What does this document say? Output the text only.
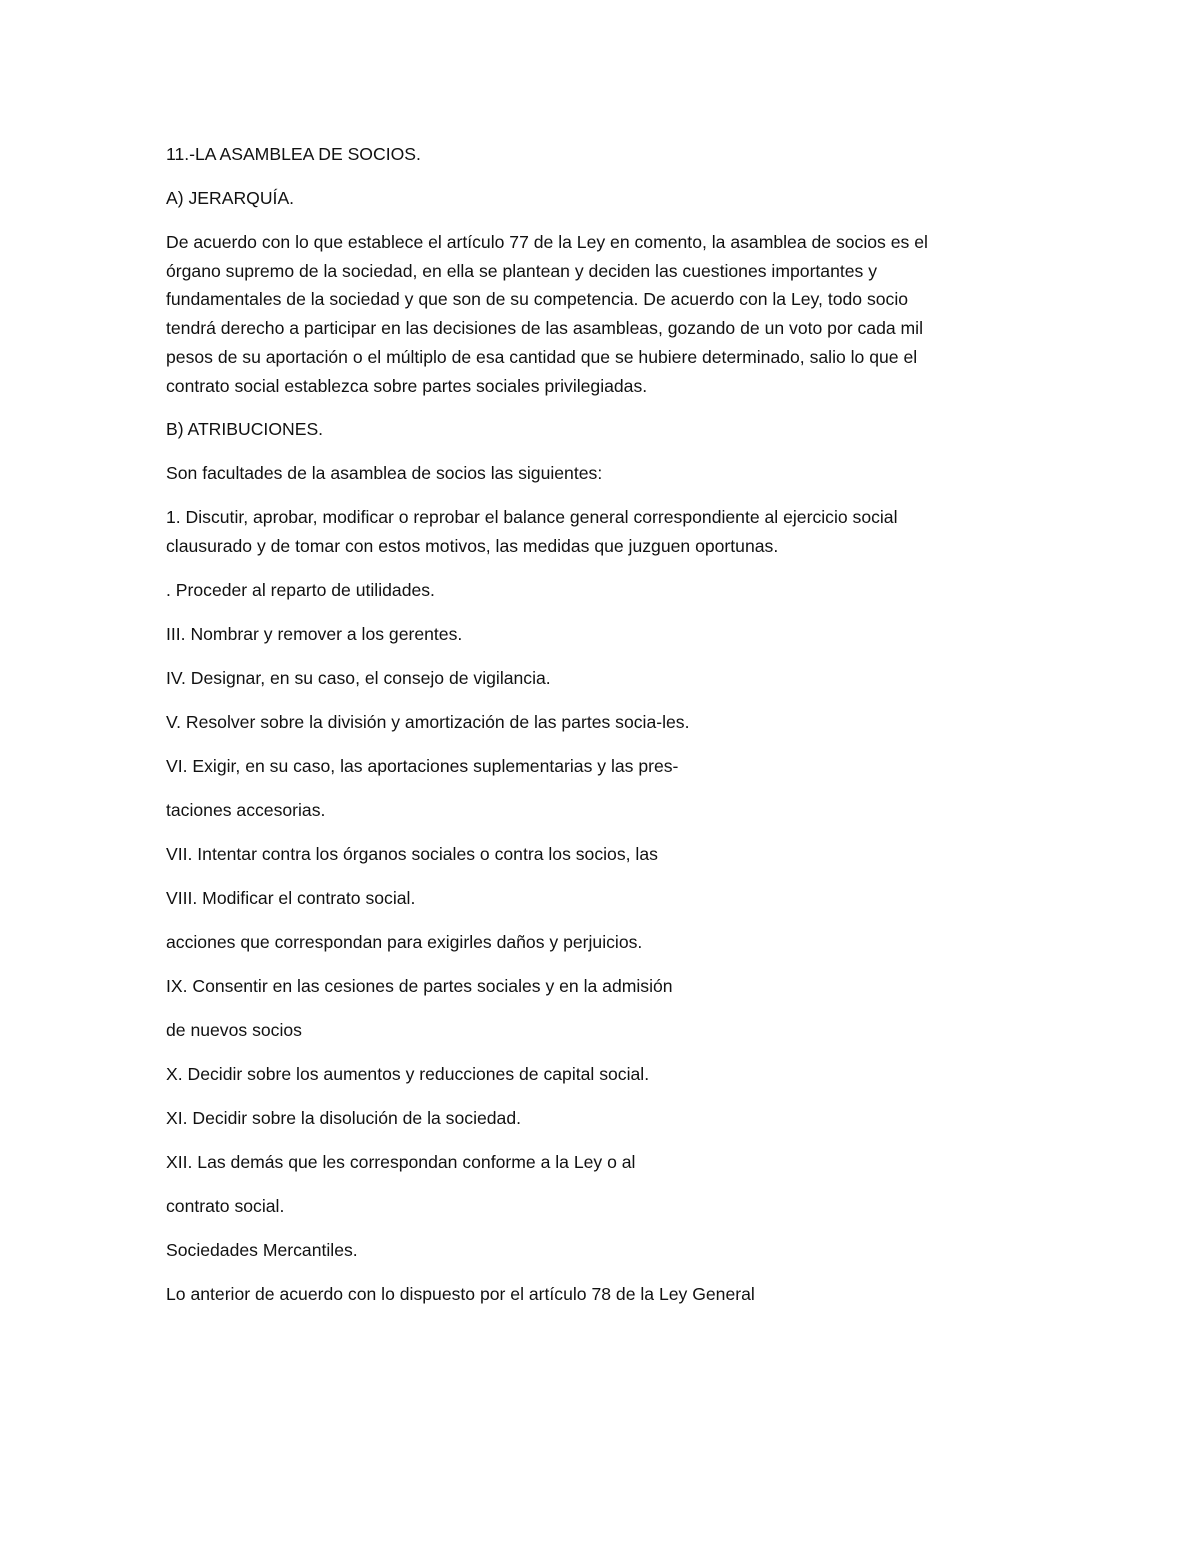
11.-LA ASAMBLEA DE SOCIOS.

A) JERARQUÍA.

De acuerdo con lo que establece el artículo 77 de la Ley en comento, la asamblea de socios es el
órgano supremo de la sociedad, en ella se plantean y deciden las cuestiones importantes y
fundamentales de la sociedad y que son de su competencia. De acuerdo con la Ley, todo socio
tendrá derecho a participar en las decisiones de las asambleas, gozando de un voto por cada mil
pesos de su aportación o el múltiplo de esa cantidad que se hubiere determinado, salio lo que el
contrato social establezca sobre partes sociales privilegiadas.

B) ATRIBUCIONES.

Son facultades de la asamblea de socios las siguientes:

1. Discutir, aprobar, modificar o reprobar el balance general correspondiente al ejercicio social
clausurado y de tomar con estos motivos, las medidas que juzguen oportunas.

. Proceder al reparto de utilidades.

III. Nombrar y remover a los gerentes.

IV. Designar, en su caso, el consejo de vigilancia.

V. Resolver sobre la división y amortización de las partes socia-les.

VI. Exigir, en su caso, las aportaciones suplementarias y las pres-

taciones accesorias.

VII. Intentar contra los órganos sociales o contra los socios, las

VIII. Modificar el contrato social.

acciones que correspondan para exigirles daños y perjuicios.

IX. Consentir en las cesiones de partes sociales y en la admisión

de nuevos socios

X. Decidir sobre los aumentos y reducciones de capital social.

XI. Decidir sobre la disolución de la sociedad.

XII. Las demás que les correspondan conforme a la Ley o al

contrato social.

Sociedades Mercantiles.

Lo anterior de acuerdo con lo dispuesto por el artículo 78 de la Ley General
